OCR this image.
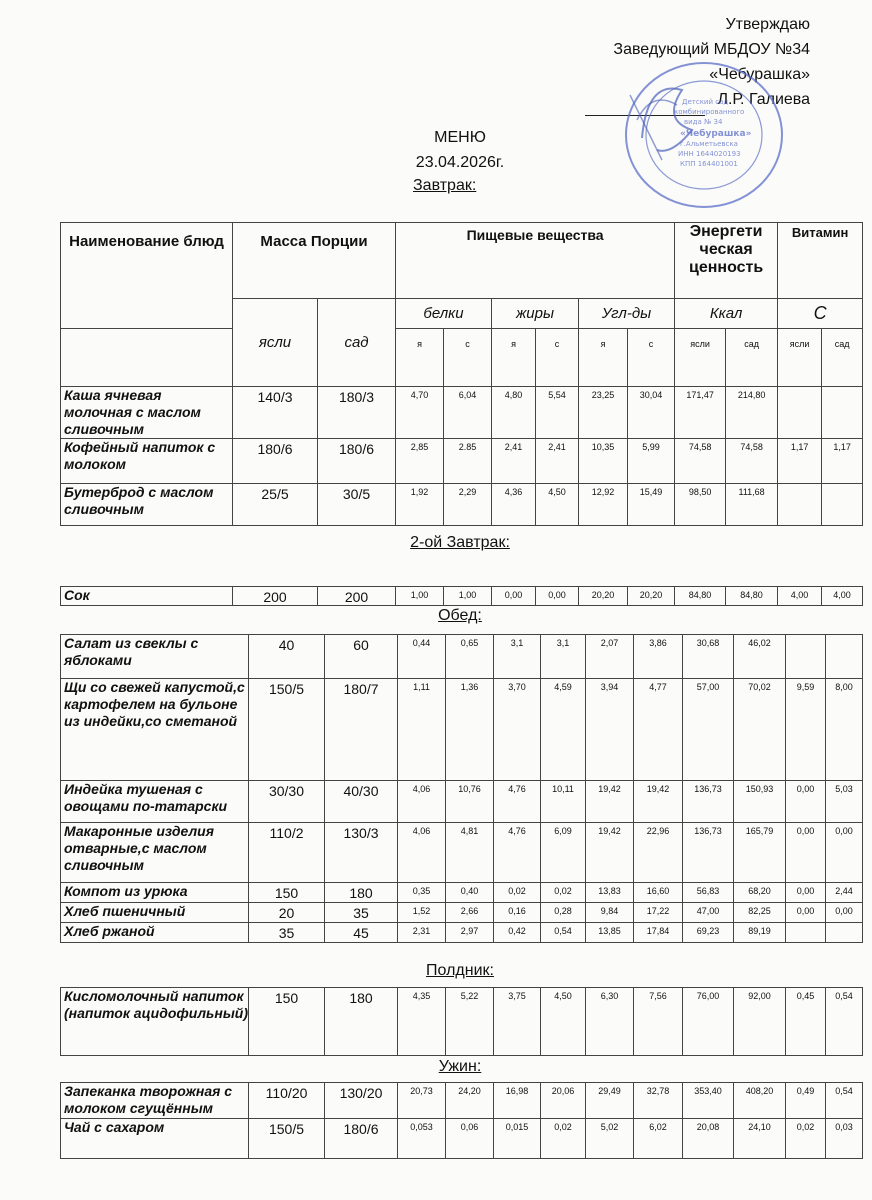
Утверждаю
Заведующий МБДОУ №34
«Чебурашка»
Л.Р. Галиева
Детский сад
комбинированного
вида № 34
«Чебурашка»
г.Альметьевска
ИНН 1644020193
КПП 164401001
МЕНЮ
23.04.2026г.
Завтрак:
Наименование блюд	Масса Порции		Пищевые вещества						Энергети ческая ценность		Витамин	
	ясли	сад	белки		жиры		Угл-ды		Ккал		С	
			я	с	я	с	я	с	ясли	сад	ясли	сад
Каша ячневая молочная с маслом сливочным	140/3	180/3	4,70	6,04	4,80	5,54	23,25	30,04	171,47	214,80		
Кофейный напиток с молоком	180/6	180/6	2,85	2.85	2,41	2,41	10,35	5,99	74,58	74,58	1,17	1,17
Бутерброд с маслом сливочным	25/5	30/5	1,92	2,29	4,36	4,50	12,92	15,49	98,50	111,68		
2-ой Завтрак:
Сок	200	200	1,00	1,00	0,00	0,00	20,20	20,20	84,80	84,80	4,00	4,00
Обед:
Салат из свеклы с яблоками	40	60	0,44	0,65	3,1	3,1	2,07	3,86	30,68	46,02		
Щи со свежей капустой,с картофелем на бульоне из индейки,со сметаной	150/5	180/7	1,11	1,36	3,70	4,59	3,94	4,77	57,00	70,02	9,59	8,00
Индейка тушеная с овощами по-татарски	30/30	40/30	4,06	10,76	4,76	10,11	19,42	19,42	136,73	150,93	0,00	5,03
Макаронные изделия отварные,с маслом сливочным	110/2	130/3	4,06	4,81	4,76	6,09	19,42	22,96	136,73	165,79	0,00	0,00
Компот из урюка	150	180	0,35	0,40	0,02	0,02	13,83	16,60	56,83	68,20	0,00	2,44
Хлеб пшеничный	20	35	1,52	2,66	0,16	0,28	9,84	17,22	47,00	82,25	0,00	0,00
Хлеб ржаной	35	45	2,31	2,97	0,42	0,54	13,85	17,84	69,23	89,19		
Полдник:
Кисломолочный напиток (напиток ацидофильный)	150	180	4,35	5,22	3,75	4,50	6,30	7,56	76,00	92,00	0,45	0,54
Ужин:
Запеканка творожная с молоком сгущённым	110/20	130/20	20,73	24,20	16,98	20,06	29,49	32,78	353,40	408,20	0,49	0,54
Чай с сахаром	150/5	180/6	0,053	0,06	0,015	0,02	5,02	6,02	20,08	24,10	0,02	0,03
